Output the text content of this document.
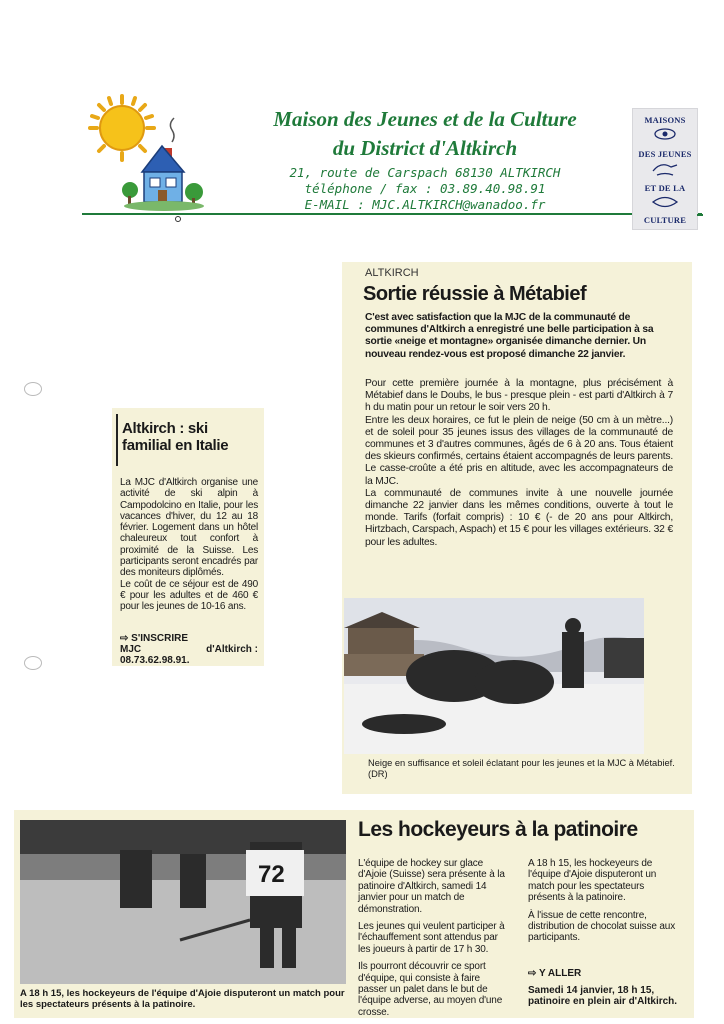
Maison des Jeunes et de la Culture
du District d'Altkirch
21, route de Carspach 68130 ALTKIRCH
téléphone / fax : 03.89.40.98.91
E-MAIL : MJC.ALTKIRCH@wanadoo.fr
MAISONS
DES JEUNES
ET DE LA
CULTURE
Altkirch : ski familial en Italie
La MJC d'Altkirch organise une activité de ski alpin à Campodolcino en Italie, pour les vacances d'hiver, du 12 au 18 février. Logement dans un hôtel chaleureux tout confort à proximité de la Suisse. Les participants seront encadrés par des moniteurs diplômés.
Le coût de ce séjour est de 490 € pour les adultes et de 460 € pour les jeunes de 10-16 ans.
⇨ S'INSCRIRE
MJC	d'Altkirch :
08.73.62.98.91.
ALTKIRCH
Sortie réussie à Métabief
C'est avec satisfaction que la MJC de la communauté de communes d'Altkirch a enregistré une belle participation à sa sortie «neige et montagne» organisée dimanche dernier. Un nouveau rendez-vous est proposé dimanche 22 janvier.
Pour cette première journée à la montagne, plus précisément à Métabief dans le Doubs, le bus - presque plein - est parti d'Altkirch à 7 h du matin pour un retour le soir vers 20 h.
Entre les deux horaires, ce fut le plein de neige (50 cm à un mètre...) et de soleil pour 35 jeunes issus des villages de la communauté de communes et 3 d'autres communes, âgés de 6 à 20 ans. Tous étaient des skieurs confirmés, certains étaient accompagnés de leurs parents. Le casse-croûte a été pris en altitude, avec les accompagnateurs de la MJC.
La communauté de communes invite à une nouvelle journée dimanche 22 janvier dans les mêmes conditions, ouverte à tout le monde. Tarifs (forfait compris) : 10 € (- de 20 ans pour Altkirch, Hirtzbach, Carspach, Aspach) et 15 € pour les villages extérieurs. 32 € pour les adultes.
Neige en suffisance et soleil éclatant pour les jeunes et la MJC à Métabief. (DR)
72
Les hockeyeurs à la patinoire

L'équipe de hockey sur glace d'Ajoie (Suisse) sera présente à la patinoire d'Altkirch, samedi 14 janvier pour un match de démonstration.

Les jeunes qui veulent participer à l'échauffement sont attendus par les joueurs à partir de 17 h 30.

Ils pourront découvrir ce sport d'équipe, qui consiste à faire passer un palet dans le but de l'équipe adverse, au moyen d'une crosse.

A 18 h 15, les hockeyeurs de l'équipe d'Ajoie disputeront un match pour les spectateurs présents à la patinoire.

À l'issue de cette rencontre, distribution de chocolat suisse aux participants.

⇨ Y ALLER
Samedi 14 janvier, 18 h 15, patinoire en plein air d'Altkirch.
A 18 h 15, les hockeyeurs de l'équipe d'Ajoie disputeront un match pour les spectateurs présents à la patinoire.
